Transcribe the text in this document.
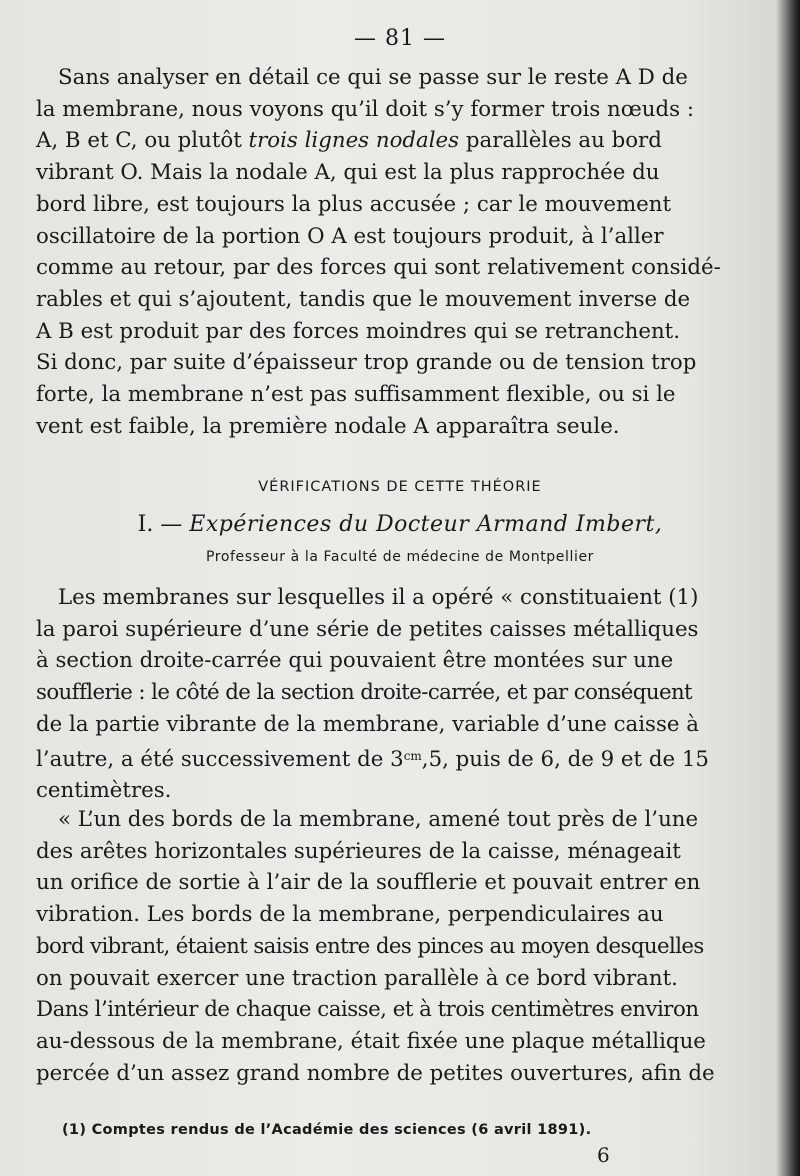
— 81 —
Sans analyser en détail ce qui se passe sur le reste A D de
la membrane, nous voyons qu’il doit s’y former trois nœuds :
A, B et C, ou plutôt trois lignes nodales parallèles au bord
vibrant O. Mais la nodale A, qui est la plus rapprochée du
bord libre, est toujours la plus accusée ; car le mouvement
oscillatoire de la portion O A est toujours produit, à l’aller
comme au retour, par des forces qui sont relativement considé-
rables et qui s’ajoutent, tandis que le mouvement inverse de
A B est produit par des forces moindres qui se retranchent.
Si donc, par suite d’épaisseur trop grande ou de tension trop
forte, la membrane n’est pas suffisamment flexible, ou si le
vent est faible, la première nodale A apparaîtra seule.
VÉRIFICATIONS DE CETTE THÉORIE
I. — Expériences du Docteur Armand Imbert,
Professeur à la Faculté de médecine de Montpellier
Les membranes sur lesquelles il a opéré « constituaient (1)
la paroi supérieure d’une série de petites caisses métalliques
à section droite-carrée qui pouvaient être montées sur une
soufflerie : le côté de la section droite-carrée, et par conséquent
de la partie vibrante de la membrane, variable d’une caisse à
l’autre, a été successivement de $3^{cm},5$, puis de 6, de 9 et de 15
centimètres.
« L’un des bords de la membrane, amené tout près de l’une
des arêtes horizontales supérieures de la caisse, ménageait
un orifice de sortie à l’air de la soufflerie et pouvait entrer en
vibration. Les bords de la membrane, perpendiculaires au
bord vibrant, étaient saisis entre des pinces au moyen desquelles
on pouvait exercer une traction parallèle à ce bord vibrant.
Dans l’intérieur de chaque caisse, et à trois centimètres environ
au-dessous de la membrane, était fixée une plaque métallique
percée d’un assez grand nombre de petites ouvertures, afin de
(1) Comptes rendus de l’Académie des sciences (6 avril 1891).
6
